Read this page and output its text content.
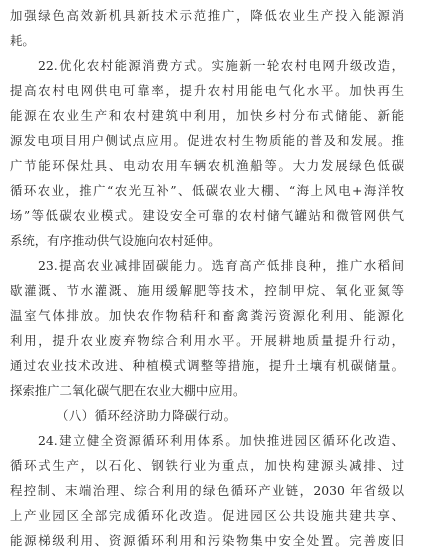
加强绿色高效新机具新技术示范推广，降低农业生产投入能源消
耗。
22.优化农村能源消费方式。实施新一轮农村电网升级改造，
提高农村电网供电可靠率，提升农村用能电气化水平。加快再生
能源在农业生产和农村建筑中利用，加快乡村分布式储能、新能
源发电项目用户侧试点应用。促进农村生物质能的普及和发展。推
广节能环保灶具、电动农用车辆农机渔船等。大力发展绿色低碳
循环农业，推广“农光互补”、低碳农业大棚、“海上风电+海洋牧
场”等低碳农业模式。建设安全可靠的农村储气罐站和微管网供气
系统，有序推动供气设施向农村延伸。
23.提高农业减排固碳能力。选育高产低排良种，推广水稻间
歇灌溉、节水灌溉、施用缓解肥等技术，控制甲烷、氧化亚氮等
温室气体排放。加快农作物秸秆和畜禽粪污资源化利用、能源化
利用，提升农业废弃物综合利用水平。开展耕地质量提升行动，
通过农业技术改进、种植模式调整等措施，提升土壤有机碳储量。
探索推广二氧化碳气肥在农业大棚中应用。
（八）循环经济助力降碳行动。
24.建立健全资源循环利用体系。加快推进园区循环化改造、
循环式生产，以石化、钢铁行业为重点，加快构建源头减排、过
程控制、末端治理、综合利用的绿色循环产业链，2030 年省级以
上产业园区全部完成循环化改造。促进园区公共设施共建共享、
能源梯级利用、资源循环利用和污染物集中安全处置。完善废旧
